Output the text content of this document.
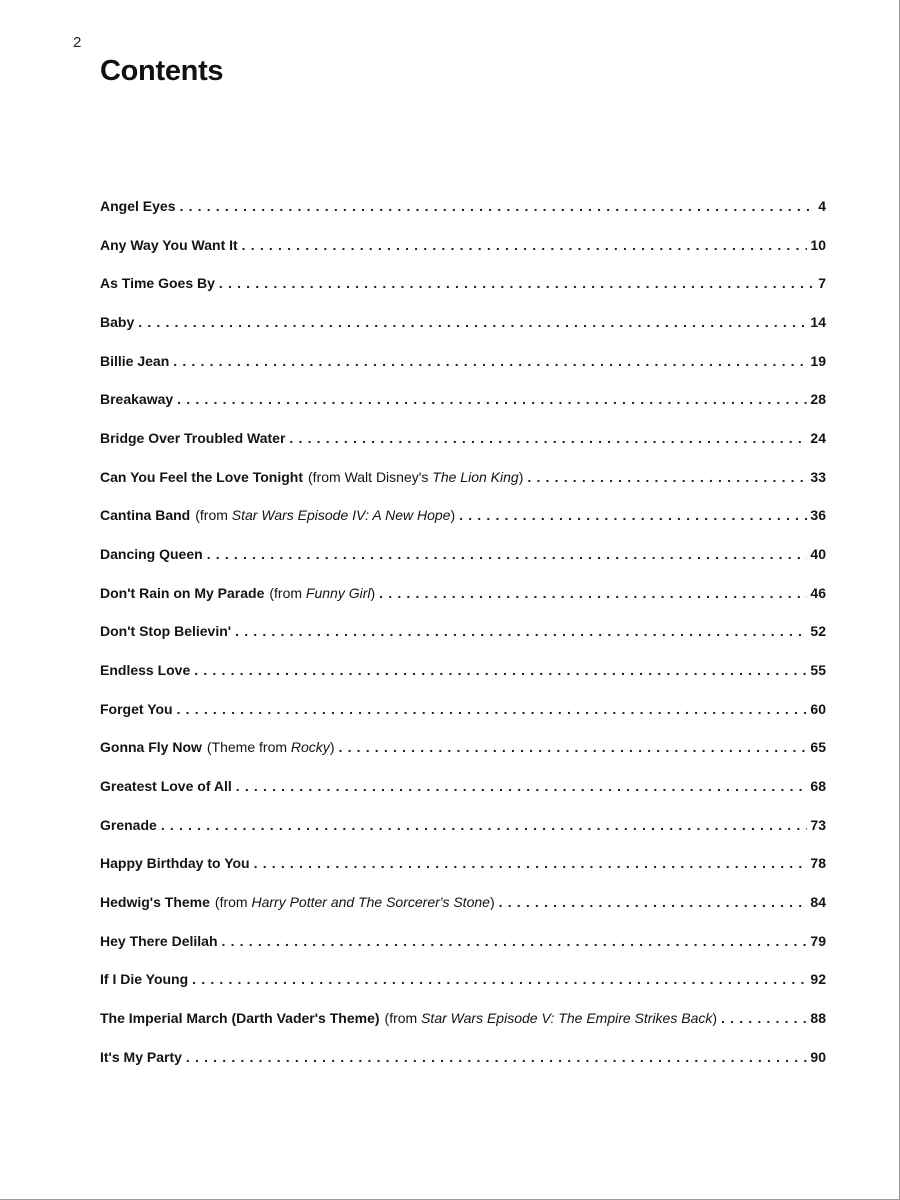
2
Contents
Angel Eyes . . .	4
Any Way You Want It . . .	10
As Time Goes By . . .	7
Baby . . .	14
Billie Jean . . .	19
Breakaway . . .	28
Bridge Over Troubled Water . . .	24
Can You Feel the Love Tonight (from Walt Disney's The Lion King) . . .	33
Cantina Band (from Star Wars Episode IV: A New Hope) . . .	36
Dancing Queen . . .	40
Don't Rain on My Parade (from Funny Girl) . . .	46
Don't Stop Believin' . . .	52
Endless Love . . .	55
Forget You . . .	60
Gonna Fly Now (Theme from Rocky) . . .	65
Greatest Love of All . . .	68
Grenade . . .	73
Happy Birthday to You . . .	78
Hedwig's Theme (from Harry Potter and The Sorcerer's Stone) . . .	84
Hey There Delilah . . .	79
If I Die Young . . .	92
The Imperial March (Darth Vader's Theme) (from Star Wars Episode V: The Empire Strikes Back) . . .	88
It's My Party . . .	90
